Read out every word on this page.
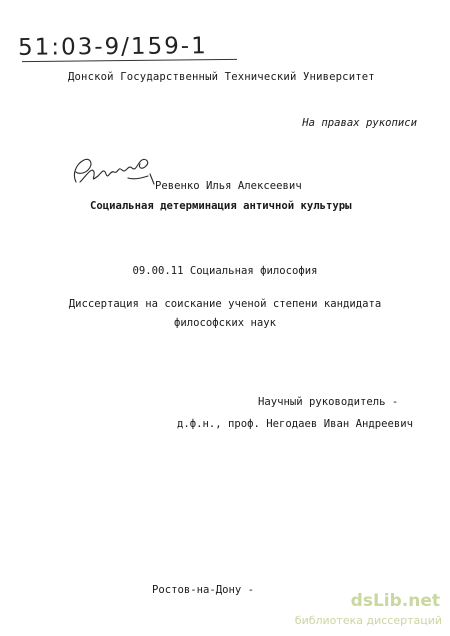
51:03-9/159-1
Донской Государственный Технический Университет
На правах рукописи
Ревенко Илья Алексеевич
Социальная детерминация античной культуры
09.00.11 Социальная философия
Диссертация на соискание ученой степени кандидата
философских наук
Научный руководитель -
д.ф.н., проф. Негодаев Иван Андреевич
Ростов-на-Дону -
dsLib.net
библиотека диссертаций
